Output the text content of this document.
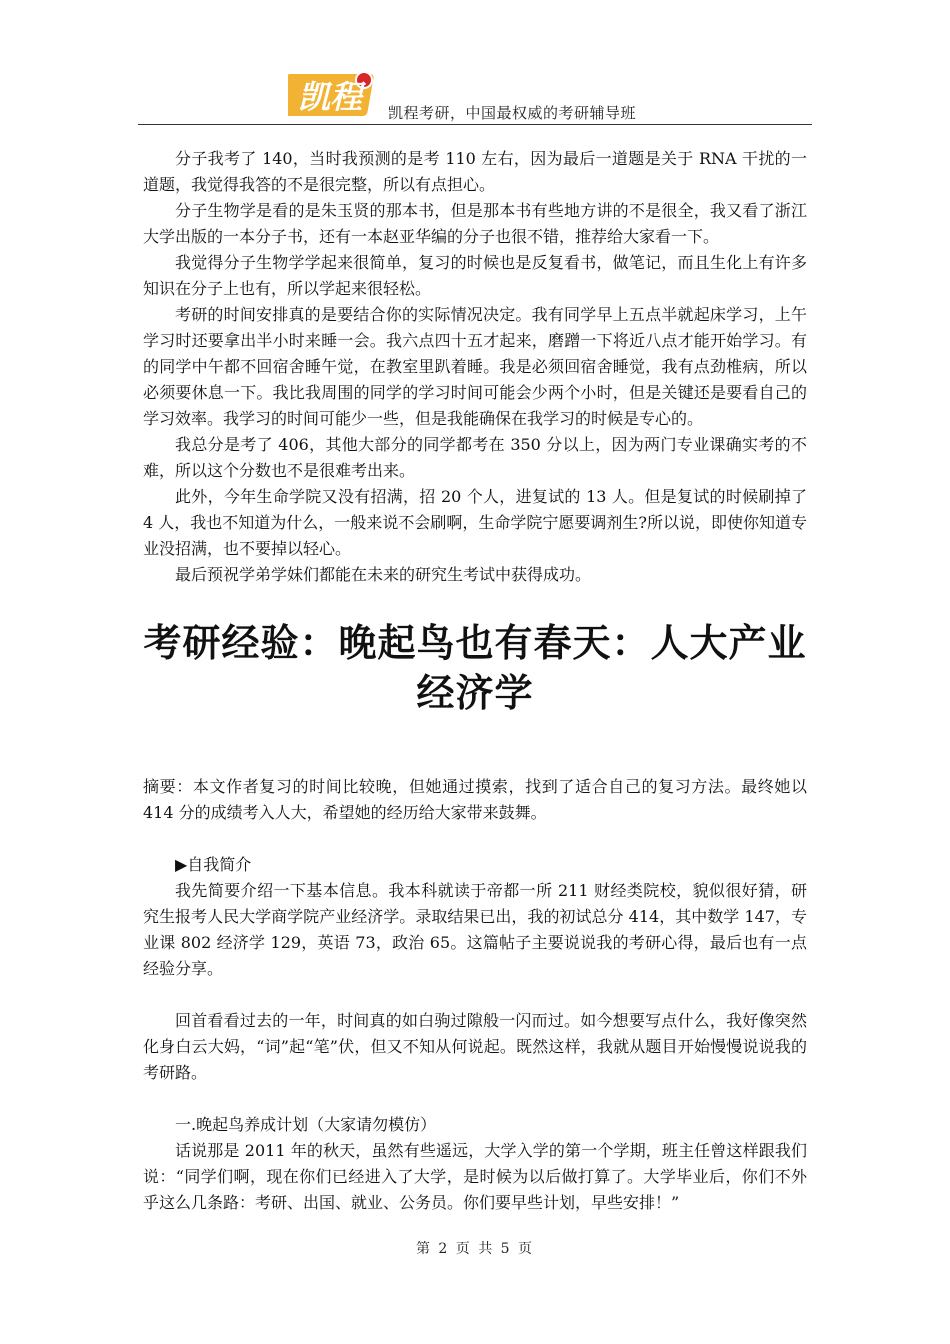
凯程	凯程考研，中国最权威的考研辅导班

分子我考了 140，当时我预测的是考 110 左右，因为最后一道题是关于 RNA 干扰的一道题，我觉得我答的不是很完整，所以有点担心。

分子生物学是看的是朱玉贤的那本书，但是那本书有些地方讲的不是很全，我又看了浙江大学出版的一本分子书，还有一本赵亚华编的分子也很不错，推荐给大家看一下。

我觉得分子生物学学起来很简单，复习的时候也是反复看书，做笔记，而且生化上有许多知识在分子上也有，所以学起来很轻松。

考研的时间安排真的是要结合你的实际情况决定。我有同学早上五点半就起床学习，上午学习时还要拿出半小时来睡一会。我六点四十五才起来，磨蹭一下将近八点才能开始学习。有的同学中午都不回宿舍睡午觉，在教室里趴着睡。我是必须回宿舍睡觉，我有点劲椎病，所以必须要休息一下。我比我周围的同学的学习时间可能会少两个小时，但是关键还是要看自己的学习效率。我学习的时间可能少一些，但是我能确保在我学习的时候是专心的。

我总分是考了 406，其他大部分的同学都考在 350 分以上，因为两门专业课确实考的不难，所以这个分数也不是很难考出来。

此外，今年生命学院又没有招满，招 20 个人，进复试的 13 人。但是复试的时候刷掉了 4 人，我也不知道为什么，一般来说不会刷啊，生命学院宁愿要调剂生?所以说，即使你知道专业没招满，也不要掉以轻心。

最后预祝学弟学妹们都能在未来的研究生考试中获得成功。

考研经验：晚起鸟也有春天：人大产业经济学

摘要：本文作者复习的时间比较晚，但她通过摸索，找到了适合自己的复习方法。最终她以 414 分的成绩考入人大，希望她的经历给大家带来鼓舞。

▶自我简介

我先简要介绍一下基本信息。我本科就读于帝都一所 211 财经类院校，貌似很好猜，研究生报考人民大学商学院产业经济学。录取结果已出，我的初试总分 414，其中数学 147，专业课 802 经济学 129，英语 73，政治 65。这篇帖子主要说说我的考研心得，最后也有一点经验分享。

回首看看过去的一年，时间真的如白驹过隙般一闪而过。如今想要写点什么，我好像突然化身白云大妈，“词”起“笔”伏，但又不知从何说起。既然这样，我就从题目开始慢慢说说我的考研路。

一.晚起鸟养成计划（大家请勿模仿）

话说那是 2011 年的秋天，虽然有些遥远，大学入学的第一个学期，班主任曾这样跟我们说：“同学们啊，现在你们已经进入了大学，是时候为以后做打算了。大学毕业后，你们不外乎这么几条路：考研、出国、就业、公务员。你们要早些计划，早些安排！”

第 2 页 共 5 页
